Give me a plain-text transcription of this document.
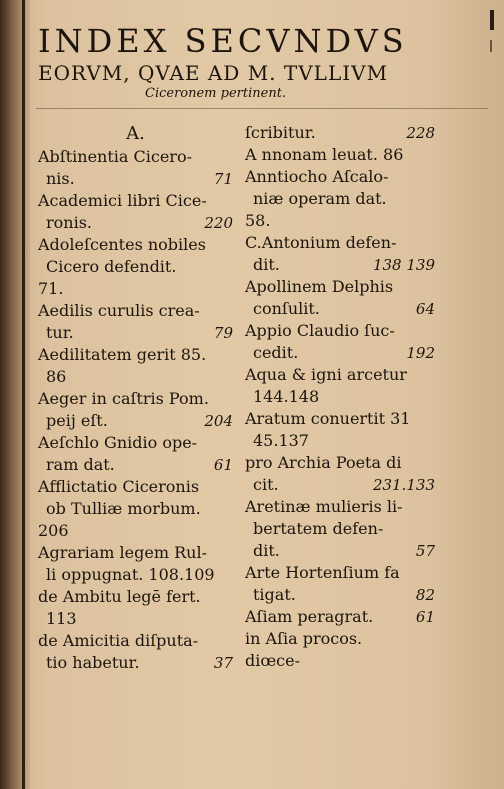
INDEX SECVNDVS
EORVM, QVAE AD M. TVLLIVM
Ciceronem pertinent.
A.
Abſtinentia Cicero-
nis.	71
Academici libri Cice-
ronis.	220
Adoleſcentes nobiles
Cicero defendit.
71.
Aedilis curulis crea-
tur.	79
Aedilitatem gerit 85.
86
Aeger in caſtris Pom.
peij eſt.	204
Aeſchlo Gnidio ope-
ram dat.	61
Afflictatio Ciceronis
ob Tulliæ morbum.
206
Agrariam legem Rul-
li oppugnat. 108.109
de Ambitu legē fert.
113
de Amicitia diſputa-
tio habetur.	37
ſcribitur.	228
A nnonam leuat. 86
Anntiocho Aſcalo-
niæ operam dat.
58.
C.Antonium defen-
dit.	138 139
Apollinem Delphis
conſulit.	64
Appio Claudio ſuc-
cedit.	192
Aqua & igni arcetur
144.148
Aratum conuertit 31
45.137
pro Archia Poeta di
cit.	231.133
Aretinæ mulieris li-
bertatem defen-
dit.	57
Arte Hortenſium fa
tigat.	82
Aſiam peragrat.	61
in Aſia procos.
diœce-
